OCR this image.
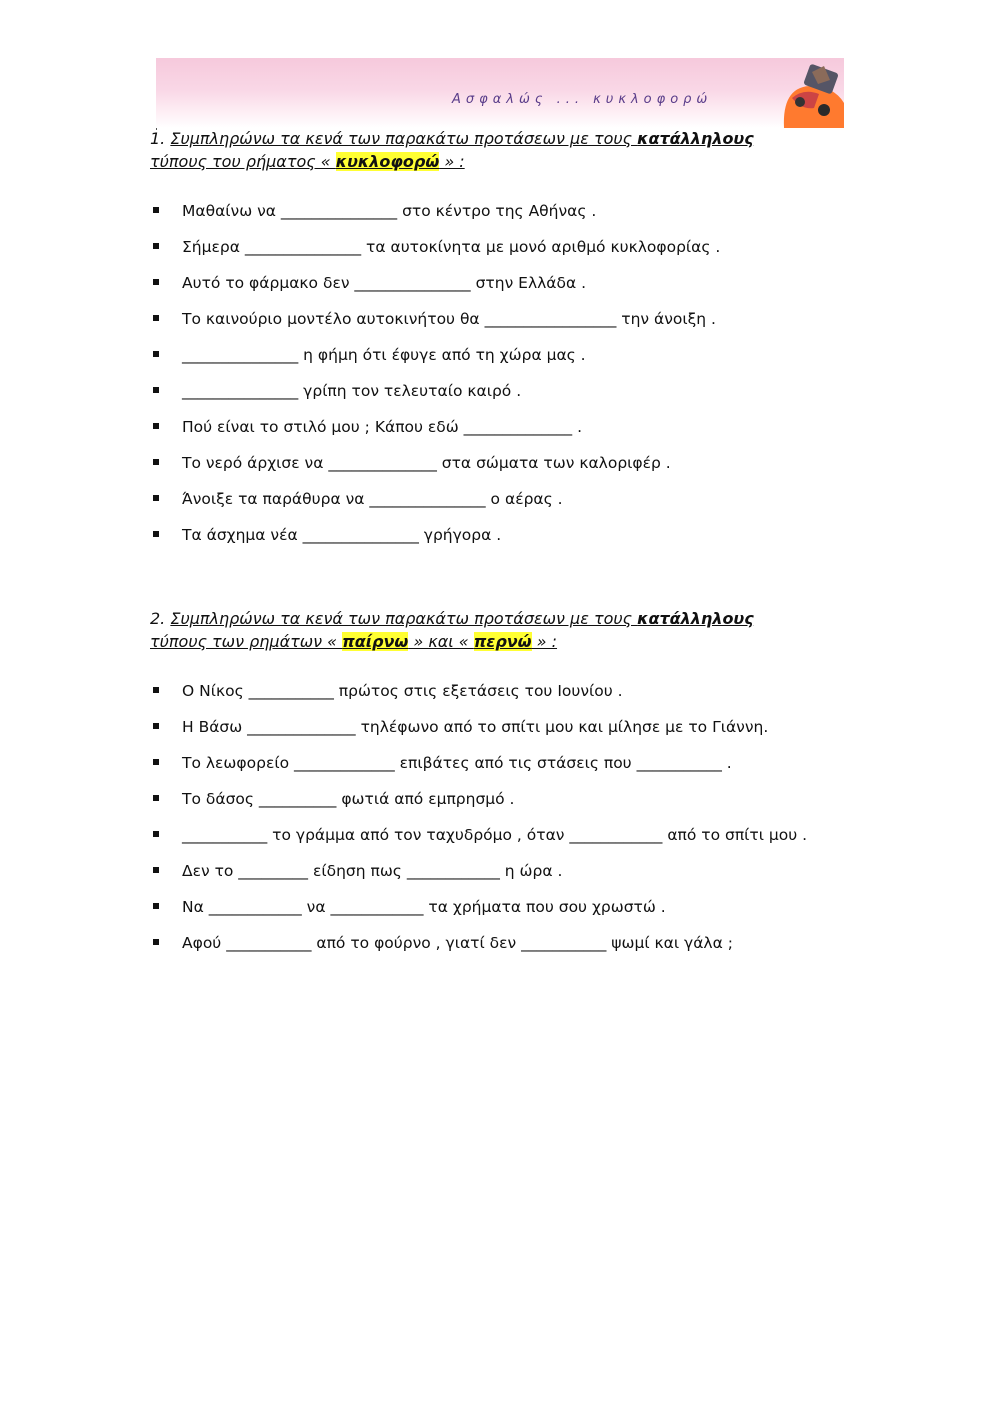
Ασφαλώς ... κυκλοφορώ
1. Συμπληρώνω τα κενά των παρακάτω προτάσεων με τους κατάλληλους
τύπους του ρήματος « κυκλοφορώ » :
Μαθαίνω να _______________ στο κέντρο της Αθήνας .
Σήμερα _______________ τα αυτοκίνητα με μονό αριθμό κυκλοφορίας .
Αυτό το φάρμακο δεν _______________ στην Ελλάδα .
Το καινούριο μοντέλο αυτοκινήτου θα _________________ την άνοιξη .
_______________ η φήμη ότι έφυγε από τη χώρα μας .
_______________ γρίπη τον τελευταίο καιρό .
Πού είναι το στιλό μου ; Κάπου εδώ ______________ .
Το νερό άρχισε να ______________ στα σώματα των καλοριφέρ .
Άνοιξε τα παράθυρα να _______________ ο αέρας .
Τα άσχημα νέα _______________ γρήγορα .
2. Συμπληρώνω τα κενά των παρακάτω προτάσεων με τους κατάλληλους
τύπους των ρημάτων « παίρνω » και « περνώ » :
Ο Νίκος ___________ πρώτος στις εξετάσεις του Ιουνίου .
Η Βάσω ______________ τηλέφωνο από το σπίτι μου και μίλησε με το Γιάννη.
Το λεωφορείο _____________ επιβάτες από τις στάσεις που ___________ .
Το δάσος __________ φωτιά από εμπρησμό .
___________ το γράμμα από τον ταχυδρόμο , όταν ____________ από το σπίτι μου .
Δεν το _________ είδηση πως ____________ η ώρα .
Να ____________ να ____________ τα χρήματα που σου χρωστώ .
Αφού ___________ από το φούρνο , γιατί δεν ___________ ψωμί και γάλα ;
